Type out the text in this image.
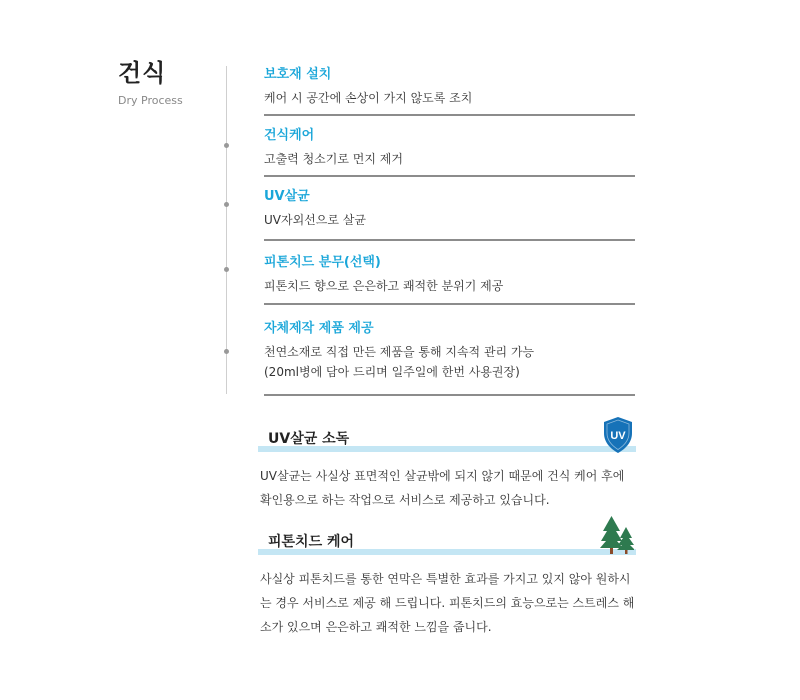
건식

Dry Process

보호재 설치

케어 시 공간에 손상이 가지 않도록 조치

건식케어

고출력 청소기로 먼지 제거

UV살균

UV자외선으로 살균

피톤치드 분무(선택)

피톤치드 향으로 은은하고 쾌적한 분위기 제공

자체제작 제품 제공

천연소재로 직접 만든 제품을 통해 지속적 관리 가능

(20ml병에 담아 드리며 일주일에 한번 사용권장)

UV살균 소독	UV
UV살균는 사실상 표면적인 살균밖에 되지 않기 때문에 건식 케어 후에 확인용으로 하는 작업으로 서비스로 제공하고 있습니다.
피톤치드 케어
사실상 피톤치드를 통한 연막은 특별한 효과를 가지고 있지 않아 원하시는 경우 서비스로 제공 해 드립니다. 피톤치드의 효능으로는 스트레스 해소가 있으며 은은하고 쾌적한 느낌을 줍니다.
